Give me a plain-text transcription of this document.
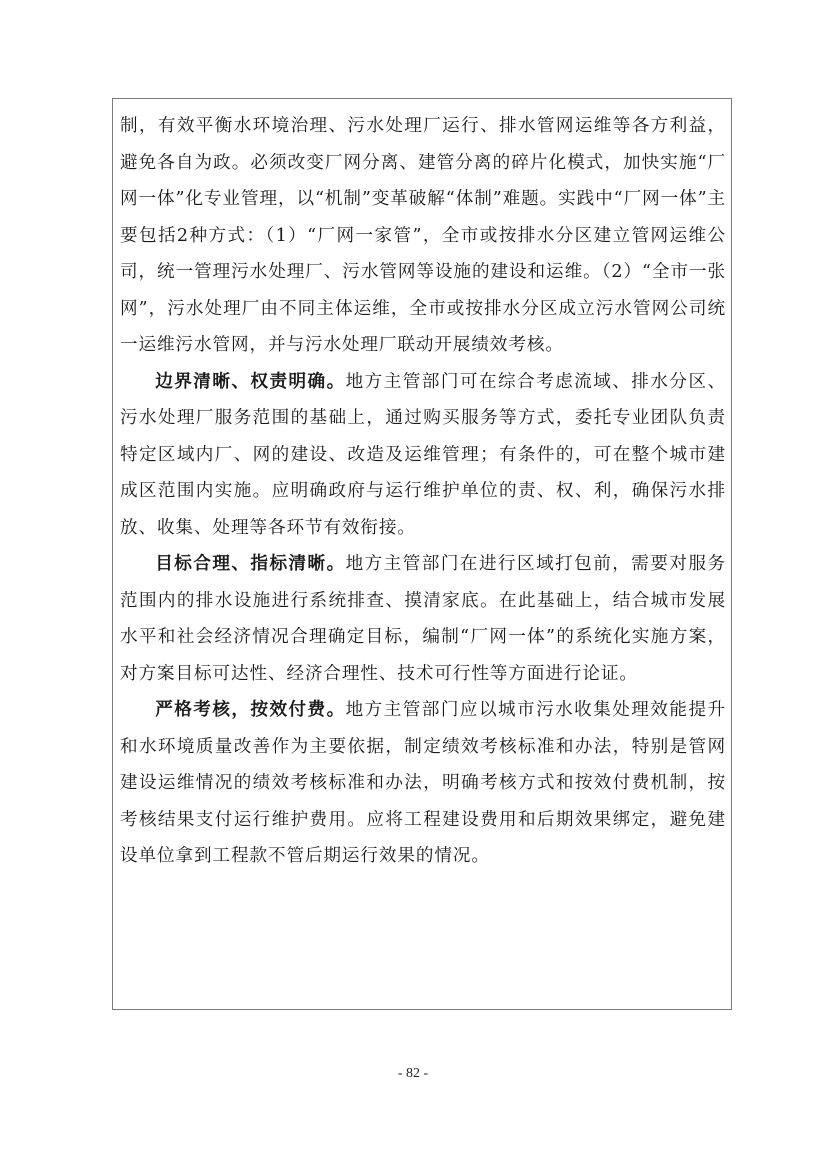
制，有效平衡水环境治理、污水处理厂运行、排水管网运维等各方利益，避免各自为政。必须改变厂网分离、建管分离的碎片化模式，加快实施“厂网一体”化专业管理，以“机制”变革破解“体制”难题。实践中“厂网一体”主要包括2种方式：（1）“厂网一家管”，全市或按排水分区建立管网运维公司，统一管理污水处理厂、污水管网等设施的建设和运维。（2）“全市一张网”，污水处理厂由不同主体运维，全市或按排水分区成立污水管网公司统一运维污水管网，并与污水处理厂联动开展绩效考核。

边界清晰、权责明确。地方主管部门可在综合考虑流域、排水分区、污水处理厂服务范围的基础上，通过购买服务等方式，委托专业团队负责特定区域内厂、网的建设、改造及运维管理；有条件的，可在整个城市建成区范围内实施。应明确政府与运行维护单位的责、权、利，确保污水排放、收集、处理等各环节有效衔接。

目标合理、指标清晰。地方主管部门在进行区域打包前，需要对服务范围内的排水设施进行系统排查、摸清家底。在此基础上，结合城市发展水平和社会经济情况合理确定目标，编制“厂网一体”的系统化实施方案，对方案目标可达性、经济合理性、技术可行性等方面进行论证。

严格考核，按效付费。地方主管部门应以城市污水收集处理效能提升和水环境质量改善作为主要依据，制定绩效考核标准和办法，特别是管网建设运维情况的绩效考核标准和办法，明确考核方式和按效付费机制，按考核结果支付运行维护费用。应将工程建设费用和后期效果绑定，避免建设单位拿到工程款不管后期运行效果的情况。

- 82 -
